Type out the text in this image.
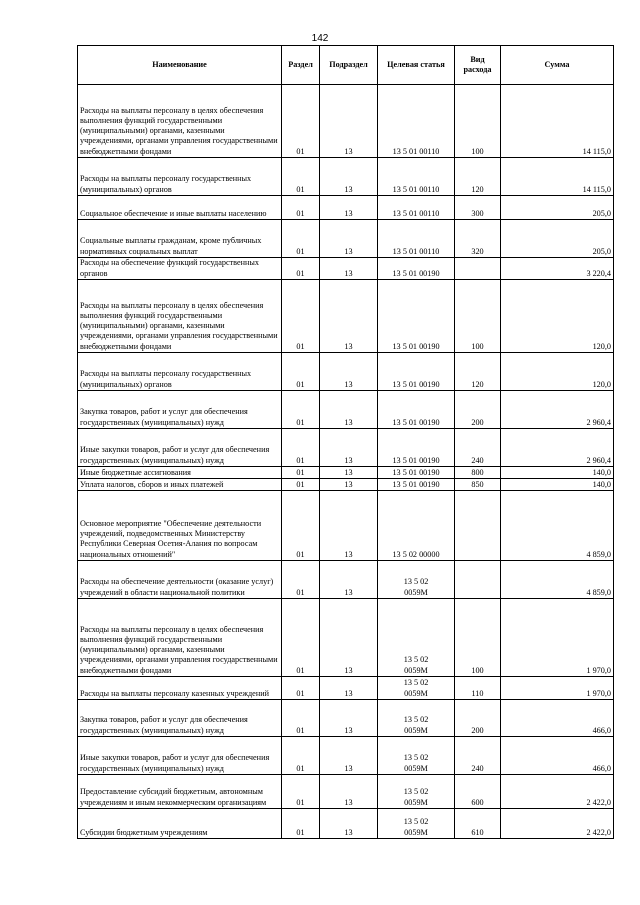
142
Наименование	Раздел	Подраздел	Целевая статья	Вид расхода	Сумма
Расходы на выплаты персоналу в целях обеспечения выполнения функций государственными (муниципальными) органами, казенными учреждениями, органами управления государственными внебюджетными фондами	01	13	13 5 01 00110	100	14 115,0
Расходы на выплаты персоналу государственных (муниципальных) органов	01	13	13 5 01 00110	120	14 115,0
Социальное обеспечение и иные выплаты населению	01	13	13 5 01 00110	300	205,0
Социальные выплаты гражданам, кроме публичных нормативных социальных выплат	01	13	13 5 01 00110	320	205,0
Расходы на обеспечение функций государственных органов	01	13	13 5 01 00190		3 220,4
Расходы на выплаты персоналу в целях обеспечения выполнения функций государственными (муниципальными) органами, казенными учреждениями, органами управления государственными внебюджетными фондами	01	13	13 5 01 00190	100	120,0
Расходы на выплаты персоналу государственных (муниципальных) органов	01	13	13 5 01 00190	120	120,0
Закупка товаров, работ и услуг для обеспечения государственных (муниципальных) нужд	01	13	13 5 01 00190	200	2 960,4
Иные закупки товаров, работ и услуг для обеспечения государственных (муниципальных) нужд	01	13	13 5 01 00190	240	2 960,4
Иные бюджетные ассигнования	01	13	13 5 01 00190	800	140,0
Уплата налогов, сборов и иных платежей	01	13	13 5 01 00190	850	140,0
Основное мероприятие "Обеспечение деятельности учреждений, подведомственных Министерству Республики Северная Осетия-Алания по вопросам национальных отношений"	01	13	13 5 02 00000		4 859,0
Расходы на обеспечение деятельности (оказание услуг) учреждений в области национальной политики	01	13	13 5 02 0059М		4 859,0
Расходы на выплаты персоналу в целях обеспечения выполнения функций государственными (муниципальными) органами, казенными учреждениями, органами управления государственными внебюджетными фондами	01	13	13 5 02 0059М	100	1 970,0
Расходы на выплаты персоналу казенных учреждений	01	13	13 5 02 0059М	110	1 970,0
Закупка товаров, работ и услуг для обеспечения государственных (муниципальных) нужд	01	13	13 5 02 0059М	200	466,0
Иные закупки товаров, работ и услуг для обеспечения государственных (муниципальных) нужд	01	13	13 5 02 0059М	240	466,0
Предоставление субсидий бюджетным, автономным учреждениям и иным некоммерческим организациям	01	13	13 5 02 0059М	600	2 422,0
Субсидии бюджетным учреждениям	01	13	13 5 02 0059М	610	2 422,0
